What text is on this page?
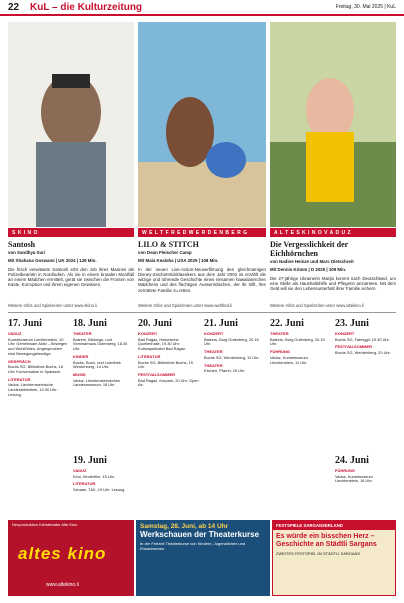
22 KuL – die Kulturzeitung	Freitag, 30. Mai 2025 | KuL
S K I N O	W E L T F R E D W E R D E N B E R G	A L T E S K I N O V A D U Z
Santosh
von Sandhya Suri
Mit Shahana Goswami | UK 2024 | 128 Min.

Die frisch verwitwete Santosh erbt den Job ihres Mannes als Polizeibeamtin in Nordindien. Als sie in einem brutalen Mordfall an einem Mädchen ermittelt, gerät sie zwischen die Fronten von Kaste, Korruption und ihrem eigenen Gewissen.

LILO & STITCH
von Dean Fleischer Camp
Mit Maia Kealoha | USA 2025 | 108 Min.

In der neuen Live-Action-Neuverfilmung des gleichnamigen Disney-Zeichentrickklassikers aus dem Jahr 2002 ist erzählt die witzige und rührende Geschichte eines einsamen hawaiianischen Mädchens und des flüchtigen Ausserirdischen, der ihr hilft, ihre zerrüttete Familie zu retten.

Die Vergesslichkeit der Eichhörnchen
von Nadine Heinze und Marc Dietschreit
Mit Dennis Krimm | D 2025 | 109 Min.

Die 27-jährige Ukrainerin Marija kommt nach Deutschland, um eine Stelle als Haushaltshilfe und Pflegerin anzutreten. Mit dem Geld will sie den Lebensunterhalt ihrer Familie sichern.

Weitere Infos und Spielzeiten unter www.skino.li	Weitere Infos und Spielzeiten unter www.weltfred.li	Weitere Infos und Spielzeiten unter www.altekino.li
17. Juni
VADUZ
Kunstmuseum Liechtenstein, 10 Uhr: Gemeinsam Aktiv – Bewegen und Wohlfühlen. Angesprochen sind Bewegungsfreudige.
GESPRÄCH
Buchs SG, Bibliothek Buchs, 18 Uhr: Konversation in Spanisch.
LITERATUR
Vaduz, Liechtensteinische Landesbibliothek, 19.30 Uhr: Lesung.
18. Juni
THEATER
Balzers, Bildungs- und Seminarhaus Gutenberg, 18.30 Uhr.
KINDER
Buchs, Buch- und Ludothek Werdenberg, 14 Uhr.
MUSIK
Vaduz, Liechtensteinisches Landesmuseum, 18 Uhr.
19. Juni
VADUZ
Kino, Kinderfilm, 15 Uhr.
LITERATUR
Schaan, TAK, 19 Uhr: Lesung.
20. Juni
KONZERT
Bad Ragaz, Historische Quellenhalle, 19.30 Uhr: Kulturspektakel Bad Ragaz.
LITERATUR
Buchs SG, Bibliothek Buchs, 19 Uhr.
FESTIVALSOMMER
Bad Ragaz, Kurpark, 20 Uhr: Open Air.
21. Juni
KONZERT
Balzers, Burg Gutenberg, 20.15 Uhr.
THEATER
Buchs SG, Werdenberg, 11 Uhr.
THEATER
Eschen, Pfarrei, 20 Uhr.
22. Juni
THEATER
Balzers, Burg Gutenberg, 20.15 Uhr.
FÜHRUNG
Vaduz, Kunstmuseum Liechtenstein, 11 Uhr.
23. Juni
KONZERT
Buchs SG, Fabriggli, 19.30 Uhr.
FESTIVALSOMMER
Buchs SG, Werdenberg, 20 Uhr.
24. Juni
FÜHRUNG
Vaduz, Kunstmuseum Liechtenstein, 18 Uhr.
Neuproduktion Kleintheater Alte Kino
altes kino
www.altekino.li
Samstag, 28. Juni, ab 14 Uhr
Werkschauen der Theaterkurse
In der Freizeit Theaterkurse von Kindern, Jugendlichen und Erwachsenen.
FESTSPIELE SARGANSERLAND
Es würde ein bisschen Herz – Geschichte an Städtli Sargans
ZWEITES FESTSPIEL IM STÄDTLI SARGANS
